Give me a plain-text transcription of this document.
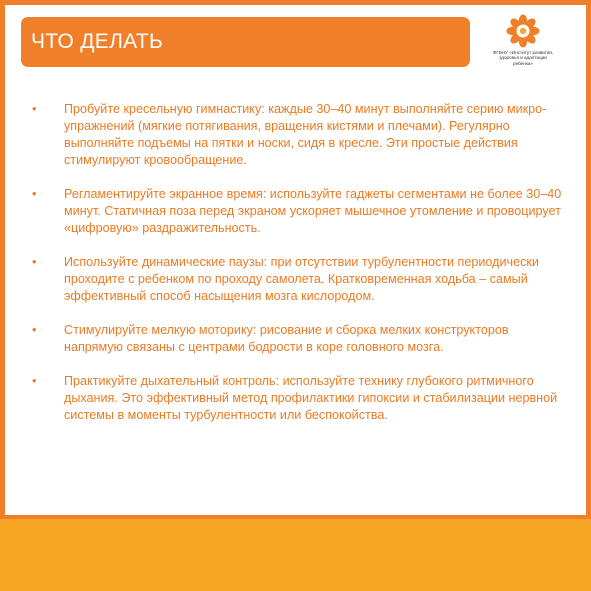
ЧТО ДЕЛАТЬ	ФГБНУ «Институт развития,
здоровья и адаптации
ребенка»
• Пробуйте кресельную гимнастику: каждые 30–40 минут выполняйте серию микро-упражнений (мягкие потягивания, вращения кистями и плечами). Регулярно выполняйте подъемы на пятки и носки, сидя в кресле. Эти простые действия стимулируют кровообращение.
• Регламентируйте экранное время: используйте гаджеты сегментами не более 30–40 минут. Статичная поза перед экраном ускоряет мышечное утомление и провоцирует «цифровую» раздражительность.
• Используйте динамические паузы: при отсутствии турбулентности периодически проходите с ребенком по проходу самолета. Кратковременная ходьба – самый эффективный способ насыщения мозга кислородом.
• Стимулируйте мелкую моторику: рисование и сборка мелких конструкторов напрямую связаны с центрами бодрости в коре головного мозга.
• Практикуйте дыхательный контроль: используйте технику глубокого ритмичного дыхания. Это эффективный метод профилактики гипоксии и стабилизации нервной системы в моменты турбулентности или беспокойства.
